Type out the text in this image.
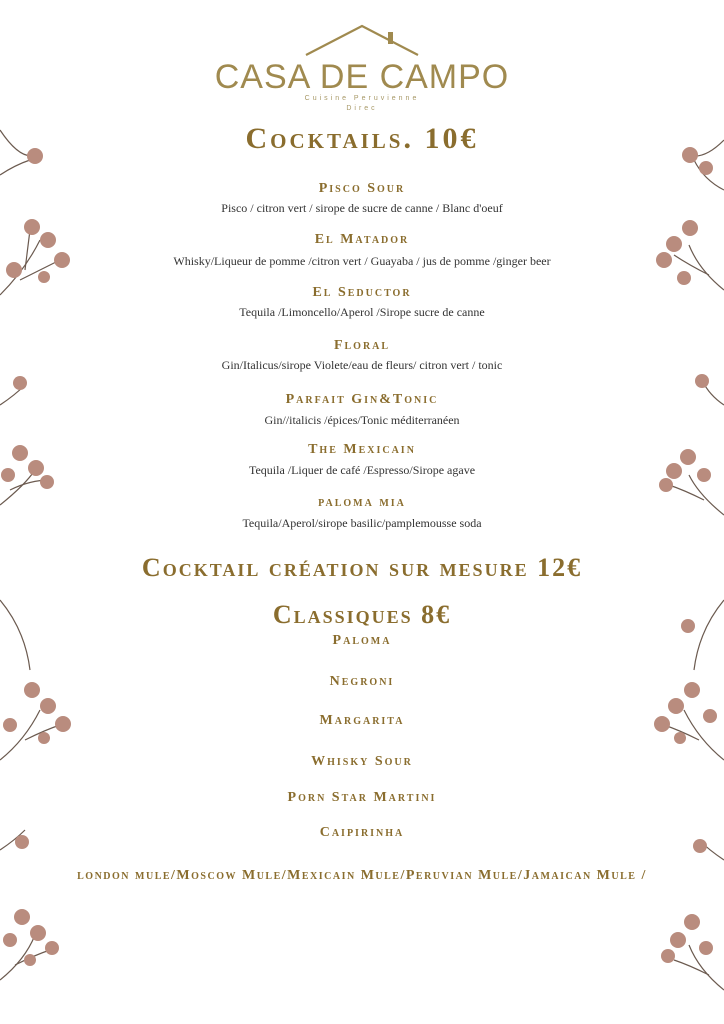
CASA DE CAMPO
Cuisine Peruvienne
Direc
Cocktails. 10€
Pisco Sour
Pisco / citron vert / sirope de sucre de canne / Blanc d'oeuf
El Matador
Whisky/Liqueur de pomme /citron vert / Guayaba / jus de pomme /ginger beer
El Seductor
Tequila /Limoncello/Aperol /Sirope sucre de canne
Floral
Gin/Italicus/sirope Violete/eau de fleurs/ citron vert / tonic
Parfait Gin&Tonic
Gin//italicis /épices/Tonic méditerranéen
The Mexicain
Tequila /Liquer de café /Espresso/Sirope agave
paloma mia
Tequila/Aperol/sirope basilic/pamplemousse soda
Cocktail création sur mesure 12€
Classiques 8€
Paloma
Negroni
Margarita
Whisky Sour
Porn Star Martini
Caipirinha
london mule/Moscow Mule/Mexicain Mule/Peruvian Mule/Jamaican Mule /
